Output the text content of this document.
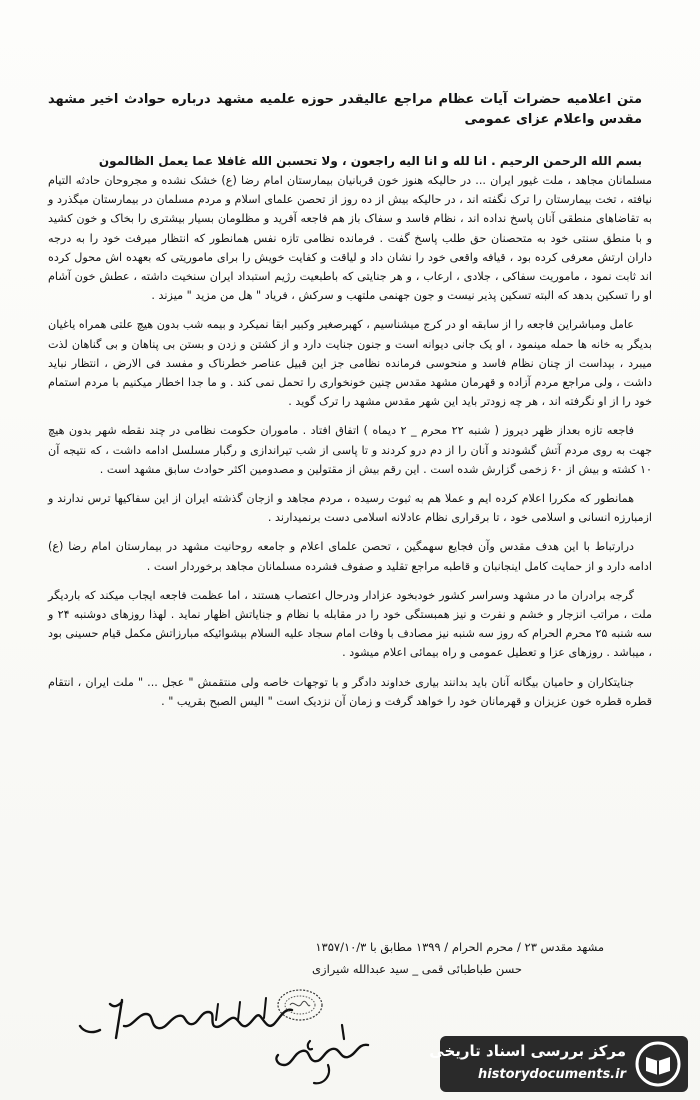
متن اعلامیه حضرات آیات عظام مراجع عالیقدر حوزه علمیه مشهد درباره حوادث اخیر مشهد مقدس واعلام عزای عمومی
بسم الله الرحمن الرحیم . انا لله و انا الیه راجعون ، ولا تحسبن الله غافلا عما یعمل الظالمون

مسلمانان مجاهد ، ملت غیور ایران ... در حالیکه هنوز خون قربانیان بیمارستان امام رضا (ع) خشک نشده و مجروحان حادثه التیام نیافته ، تخت بیمارستان را ترک نگفته اند ، در حالیکه بیش از ده روز از تحصن علمای اسلام و مردم مسلمان در بیمارستان میگذرد و به تقاضاهای منطقی آنان پاسخ نداده اند ، نظام فاسد و سفاک باز هم فاجعه آفرید و مظلومان بسیار بیشتری را بخاک و خون کشید و با منطق سنتی خود به متحصنان حق طلب پاسخ گفت . فرمانده نظامی تازه نفس همانطور که انتظار میرفت خود را به درجه داران ارتش معرفی کرده بود ، قیافه واقعی خود را نشان داد و لیاقت و کفایت خویش را برای ماموریتی که بعهده اش محول کرده اند ثابت نمود ، ماموریت سفاکی ، جلادی ، ارعاب ، و هر جنایتی که باطبعیت رژیم استبداد ایران سنخیت داشته ، عطش خون آشام او را تسکین بدهد که البته تسکین پذیر نیست و جون جهنمی ملتهب و سرکش ، فریاد " هل من مزید " میزند .

عامل ومباشراین فاجعه را از سابقه او در کرج میشناسیم ، کهبرصغیر وکبیر ابقا نمیکرد و بیمه شب بدون هیچ علتی همراه یاغیان بدیگر به خانه ها حمله مینمود ، او یک جانی دیوانه است و جنون جنایت دارد و از کشتن و زدن و بستن بی پناهان و بی گناهان لذت میبرد ، بپداست از چنان نظام فاسد و منحوسی فرمانده نظامی جز این قبیل عناصر خطرناک و مفسد فی الارض ، انتظار نباید داشت ، ولی مراجع مردم آزاده و قهرمان مشهد مقدس چنین خونخواری را تحمل نمی کند . و ما جدا اخطار میکنیم با مردم استمام خود را از او نگرفته اند ، هر چه زودتر باید این شهر مقدس مشهد را ترک گوید .

فاجعه تازه بعداز ظهر دیروز ( شنبه ۲۲ محرم _ ۲ دیماه ) اتفاق افتاد . ماموران حکومت نظامی در چند نقطه شهر بدون هیچ جهت به روی مردم آتش گشودند و آنان را از دم درو کردند و تا پاسی از شب تیراندازی و رگبار مسلسل ادامه داشت ، که نتیجه آن ۱۰ کشته و بیش از ۶۰ زخمی گزارش شده است . این رقم بیش از مقتولین و مصدومین اکثر حوادث سابق مشهد است .

همانطور که مکررا اعلام کرده ایم و عملا هم به ثبوت رسیده ، مردم مجاهد و ازجان گذشته ایران از این سفاکیها ترس ندارند و ازمبارزه انسانی و اسلامی خود ، تا برقراری نظام عادلانه اسلامی دست برنمیدارند .

درارتباط با این هدف مقدس وآن فجایع سهمگین ، تحصن علمای اعلام و جامعه روحانیت مشهد در بیمارستان امام رضا (ع) ادامه دارد و از حمایت کامل اینجانبان و قاطبه مراجع تقلید و صفوف فشرده مسلمانان مجاهد برخوردار است .

گرجه برادران ما در مشهد وسراسر کشور خودبخود عزادار ودرحال اعتصاب هستند ، اما عظمت فاجعه ایجاب میکند که باردیگر ملت ، مراتب انزجار و خشم و نفرت و نیز همبستگی خود را در مقابله با نظام و جنایاتش اظهار نماید . لهذا روزهای دوشنبه ۲۴ و سه شنبه ۲۵ محرم الحرام که روز سه شنبه نیز مصادف با وفات امام سجاد علیه السلام بیشوائیکه مبارزاتش مکمل قیام حسینی بود ، میباشد . روزهای عزا و تعطیل عمومی و راه بیمائی اعلام میشود .

جنایتکاران و حامیان بیگانه آنان باید بدانند بیاری خداوند دادگر و با توجهات خاصه ولی منتقمش " عجل ... " ملت ایران ، انتقام قطره قطره خون عزیزان و قهرمانان خود را خواهد گرفت و زمان آن نزدیک است " الیس الصبح بقریب " .

مشهد مقدس ۲۳ / محرم الحرام / ۱۳۹۹ مطابق با ۱۳۵۷/۱۰/۳
حسن طباطبائی قمی _ سید عبدالله شیرازی
مرکز بررسی اسناد تاریخی
historydocuments.ir
